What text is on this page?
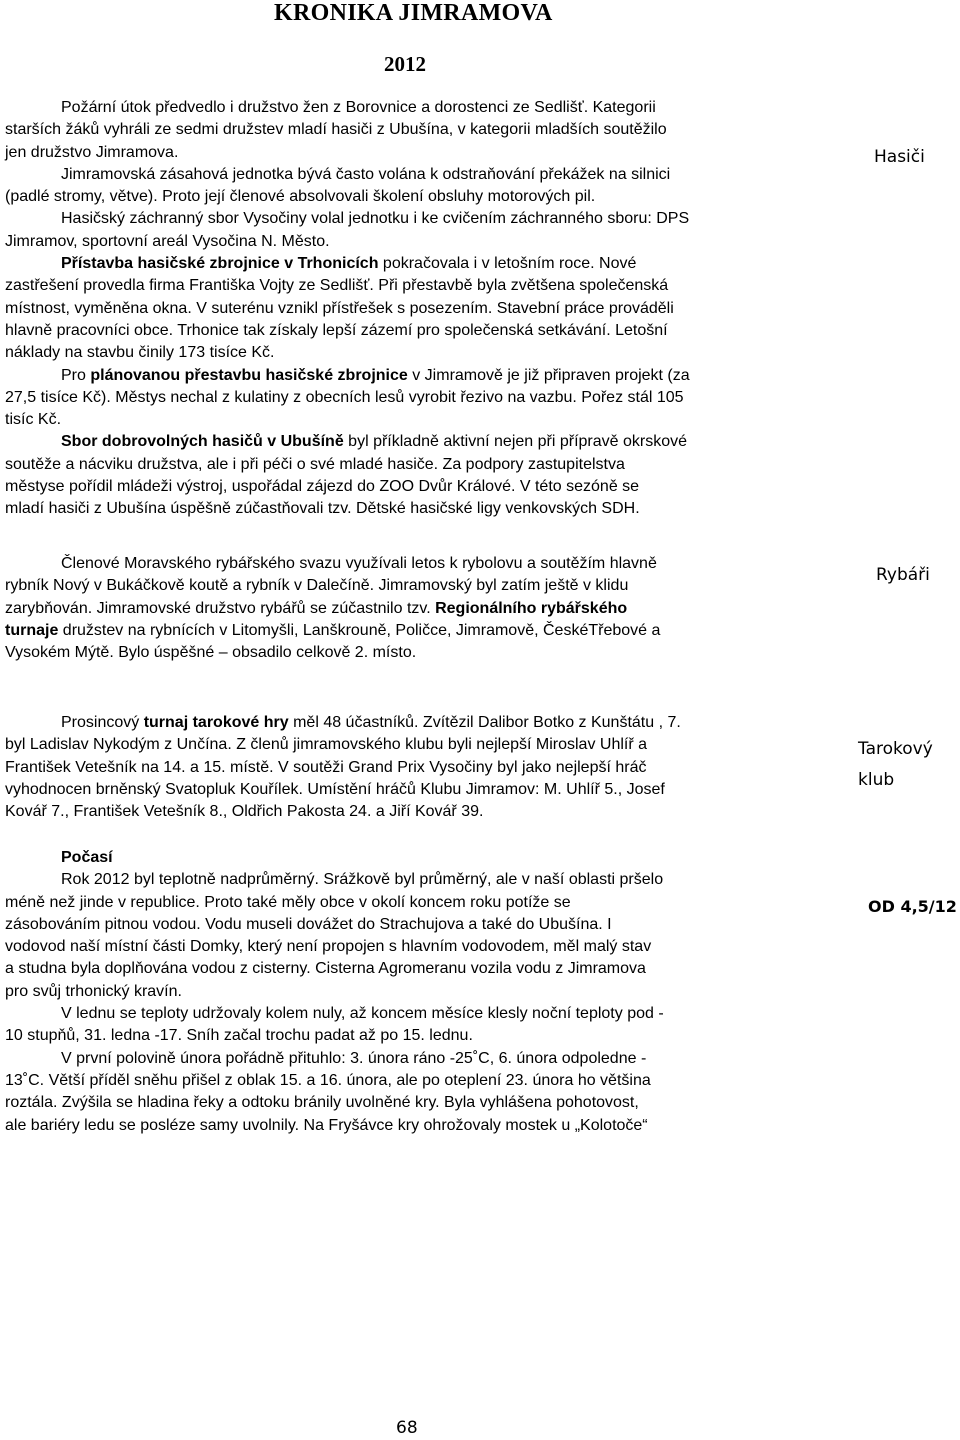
KRONIKA JIMRAMOVA
2012
Požární útok předvedlo i družstvo žen z Borovnice a dorostenci ze Sedlišť. Kategorii
starších žáků vyhráli ze sedmi družstev mladí hasiči z Ubušína, v kategorii mladších soutěžilo
jen družstvo Jimramova.
Jimramovská zásahová jednotka bývá často volána k odstraňování překážek na silnici
(padlé stromy, větve). Proto její členové absolvovali školení obsluhy motorových pil.
Hasičský záchranný sbor Vysočiny volal jednotku i ke cvičením záchranného sboru: DPS
Jimramov, sportovní areál Vysočina N. Město.
Přístavba hasičské zbrojnice v Trhonicích pokračovala i v letošním roce. Nové
zastřešení provedla firma Františka Vojty ze Sedlišť. Při přestavbě byla zvětšena společenská
místnost, vyměněna okna. V suterénu vznikl přístřešek s posezením. Stavební práce prováděli
hlavně pracovníci obce. Trhonice tak získaly lepší zázemí pro společenská setkávání. Letošní
náklady na stavbu činily 173 tisíce Kč.
Pro plánovanou přestavbu hasičské zbrojnice v Jimramově je již připraven projekt (za
27,5 tisíce Kč). Městys nechal z kulatiny z obecních lesů vyrobit řezivo na vazbu. Pořez stál 105
tisíc Kč.
Sbor dobrovolných hasičů v Ubušíně byl příkladně aktivní nejen při přípravě okrskové
soutěže a nácviku družstva, ale i při péči o své mladé hasiče. Za podpory zastupitelstva
městyse pořídil mládeži výstroj, uspořádal zájezd do ZOO Dvůr Králové. V této sezóně se
mladí hasiči z Ubušína úspěšně zúčastňovali tzv. Dětské hasičské ligy venkovských SDH.
Hasiči
Členové Moravského rybářského svazu využívali letos k rybolovu a soutěžím hlavně
rybník Nový v Bukáčkově koutě a rybník v Dalečíně. Jimramovský byl zatím ještě v klidu
zarybňován. Jimramovské družstvo rybářů se zúčastnilo tzv. Regionálního rybářského
turnaje družstev na rybnících v Litomyšli, Lanškrouně, Poličce, Jimramově, ČeskéTřebové a
Vysokém Mýtě. Bylo úspěšné – obsadilo celkově 2. místo.
Rybáři
Prosincový turnaj tarokové hry měl 48 účastníků. Zvítězil Dalibor Botko z Kunštátu , 7.
byl Ladislav Nykodým z Unčína. Z členů jimramovského klubu byli nejlepší Miroslav Uhlíř a
František Vetešník na 14. a 15. místě. V soutěži Grand Prix Vysočiny byl jako nejlepší hráč
vyhodnocen brněnský Svatopluk Kouřílek. Umístění hráčů Klubu Jimramov: M. Uhlíř 5., Josef
Kovář 7., František Vetešník 8., Oldřich Pakosta 24. a Jiří Kovář 39.
Tarokový
klub
Počasí
Rok 2012 byl teplotně nadprůměrný. Srážkově byl průměrný, ale v naší oblasti pršelo
méně než jinde v republice. Proto také měly obce v okolí koncem roku potíže se
zásobováním pitnou vodou. Vodu museli dovážet do Strachujova a také do Ubušína. I
vodovod naší místní části Domky, který není propojen s hlavním vodovodem, měl malý stav
a studna byla doplňována vodou z cisterny. Cisterna Agromeranu vozila vodu z Jimramova
pro svůj trhonický kravín.
V lednu se teploty udržovaly kolem nuly, až koncem měsíce klesly noční teploty pod -
10 stupňů, 31. ledna -17. Sníh začal trochu padat až po 15. lednu.
V první polovině února pořádně přituhlo: 3. února ráno -25˚C, 6. února odpoledne -
13˚C. Větší příděl sněhu přišel z oblak 15. a 16. února, ale po oteplení 23. února ho většina
roztála. Zvýšila se hladina řeky a odtoku bránily uvolněné kry. Byla vyhlášena pohotovost,
ale bariéry ledu se posléze samy uvolnily. Na Fryšávce kry ohrožovaly mostek u „Kolotoče“
OD 4,5/12
68
